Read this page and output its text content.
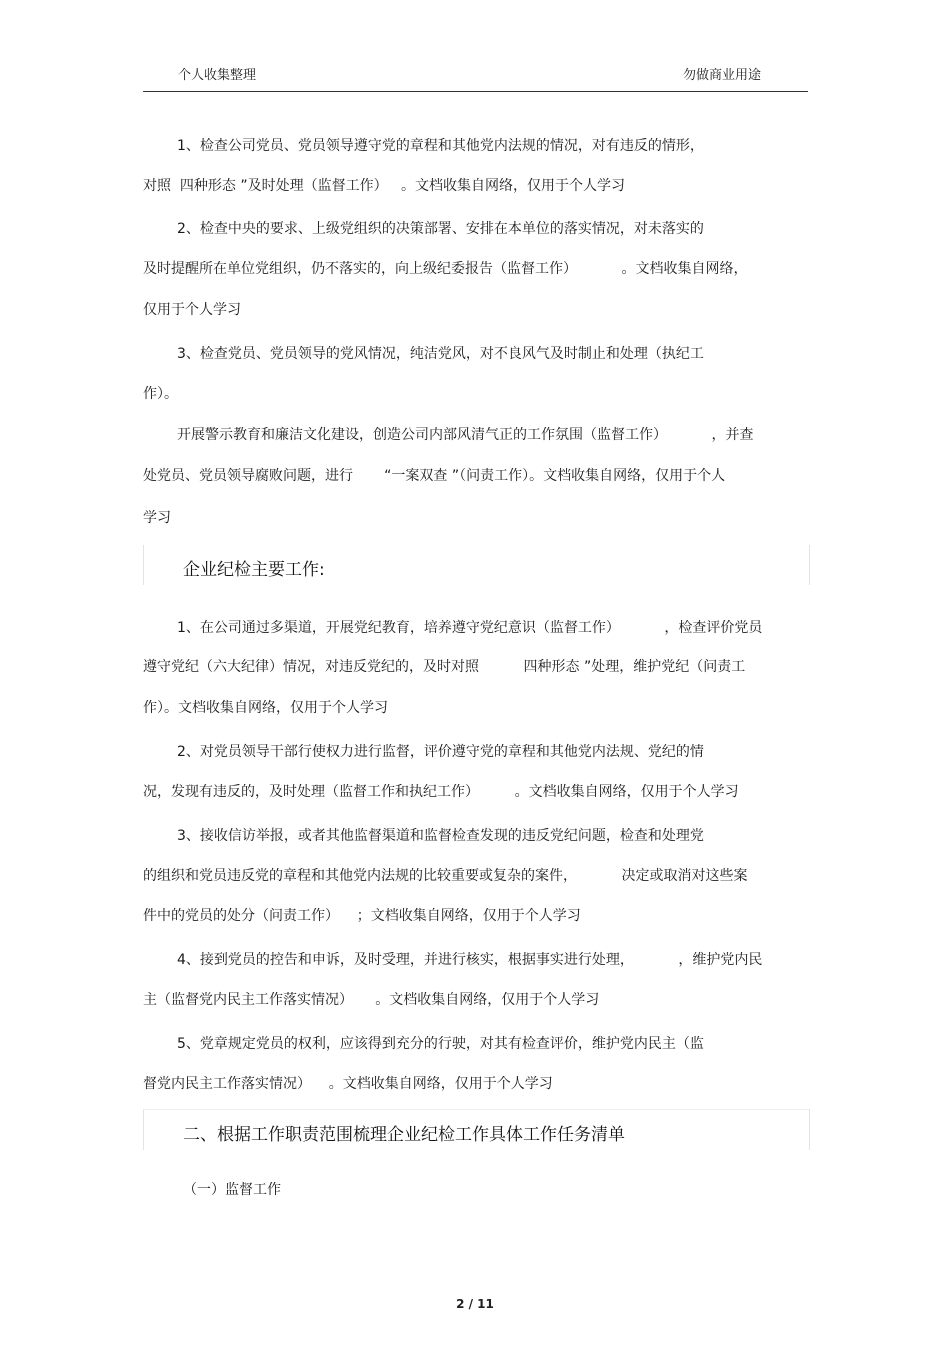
个人收集整理	勿做商业用途
1、检查公司党员、党员领导遵守党的章程和其他党内法规的情况，对有违反的情形，
对照  四种形态 ”及时处理（监督工作）   。文档收集自网络，仅用于个人学习
2、检查中央的要求、上级党组织的决策部署、安排在本单位的落实情况，对未落实的
及时提醒所在单位党组织，仍不落实的，向上级纪委报告（监督工作）          。文档收集自网络，
仅用于个人学习
3、检查党员、党员领导的党风情况，纯洁党风，对不良风气及时制止和处理（执纪工
作）。
开展警示教育和廉洁文化建设，创造公司内部风清气正的工作氛围（监督工作）          ，并查
处党员、党员领导腐败问题，进行       “一案双查 ”（问责工作）。文档收集自网络，仅用于个人
学习
企业纪检主要工作:
1、在公司通过多渠道，开展党纪教育，培养遵守党纪意识（监督工作）          ，检查评价党员
遵守党纪（六大纪律）情况，对违反党纪的，及时对照          四种形态 ”处理，维护党纪（问责工
作）。文档收集自网络，仅用于个人学习
2、对党员领导干部行使权力进行监督，评价遵守党的章程和其他党内法规、党纪的情
况，发现有违反的，及时处理（监督工作和执纪工作）        。文档收集自网络，仅用于个人学习
3、接收信访举报，或者其他监督渠道和监督检查发现的违反党纪问题，检查和处理党
的组织和党员违反党的章程和其他党内法规的比较重要或复杂的案件，          决定或取消对这些案
件中的党员的处分（问责工作）    ；文档收集自网络，仅用于个人学习
4、接到党员的控告和申诉，及时受理，并进行核实，根据事实进行处理，          ，维护党内民
主（监督党内民主工作落实情况）     。文档收集自网络，仅用于个人学习
5、党章规定党员的权利，应该得到充分的行驶，对其有检查评价，维护党内民主（监
督党内民主工作落实情况）    。文档收集自网络，仅用于个人学习
二、根据工作职责范围梳理企业纪检工作具体工作任务清单
（一）监督工作
2 / 11
